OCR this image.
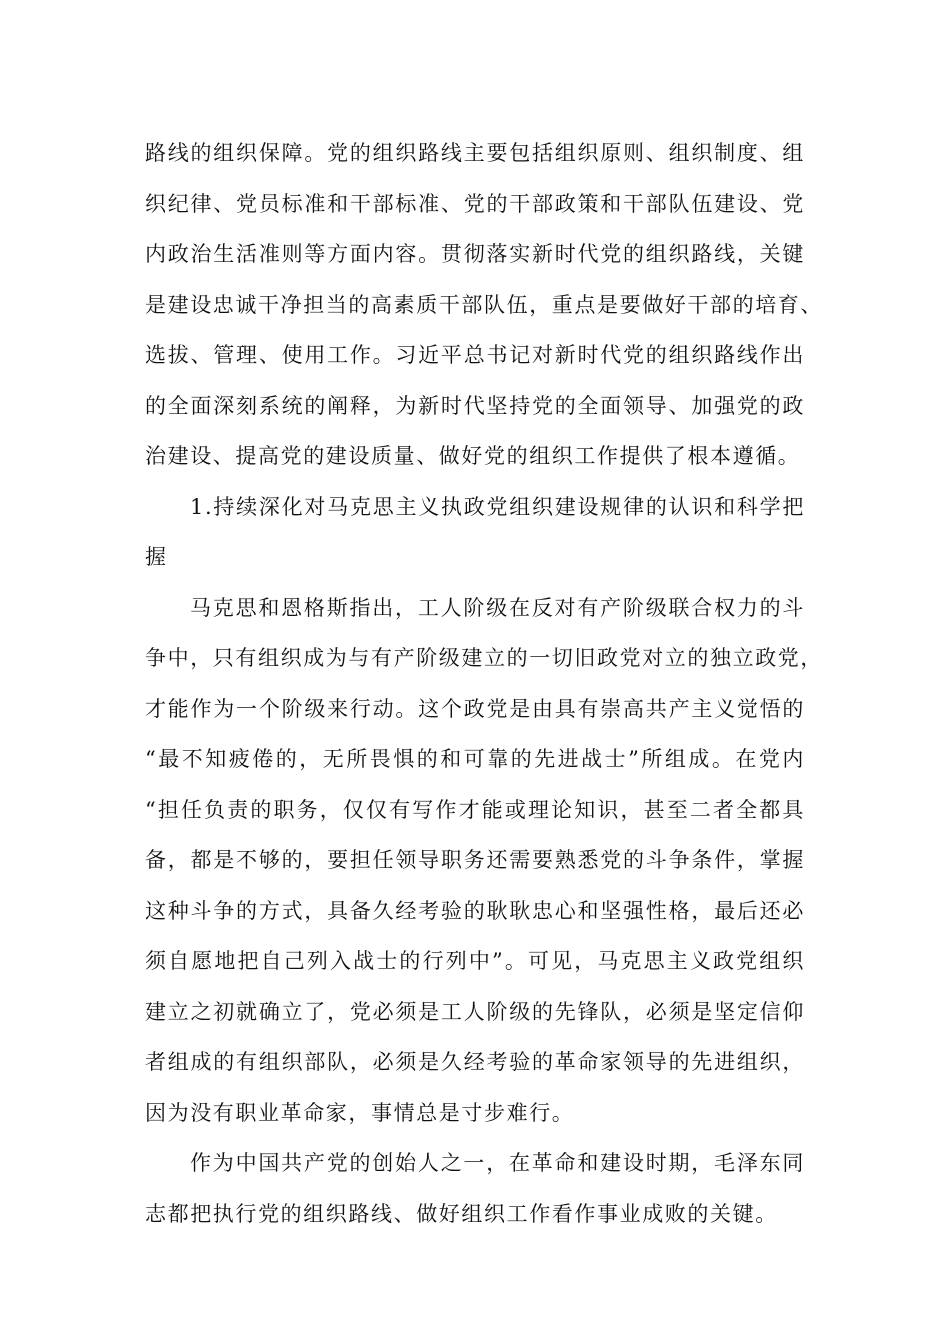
路线的组织保障。党的组织路线主要包括组织原则、组织制度、组
织纪律、党员标准和干部标准、党的干部政策和干部队伍建设、党
内政治生活准则等方面内容。贯彻落实新时代党的组织路线，关键
是建设忠诚干净担当的高素质干部队伍，重点是要做好干部的培育、
选拔、管理、使用工作。习近平总书记对新时代党的组织路线作出
的全面深刻系统的阐释，为新时代坚持党的全面领导、加强党的政
治建设、提高党的建设质量、做好党的组织工作提供了根本遵循。
1.持续深化对马克思主义执政党组织建设规律的认识和科学把
握
马克思和恩格斯指出，工人阶级在反对有产阶级联合权力的斗
争中，只有组织成为与有产阶级建立的一切旧政党对立的独立政党，
才能作为一个阶级来行动。这个政党是由具有崇高共产主义觉悟的
“最不知疲倦的，无所畏惧的和可靠的先进战士”所组成。在党内
“担任负责的职务，仅仅有写作才能或理论知识，甚至二者全都具
备，都是不够的，要担任领导职务还需要熟悉党的斗争条件，掌握
这种斗争的方式，具备久经考验的耿耿忠心和坚强性格，最后还必
须自愿地把自己列入战士的行列中”。可见，马克思主义政党组织
建立之初就确立了，党必须是工人阶级的先锋队，必须是坚定信仰
者组成的有组织部队，必须是久经考验的革命家领导的先进组织，
因为没有职业革命家，事情总是寸步难行。
作为中国共产党的创始人之一，在革命和建设时期，毛泽东同
志都把执行党的组织路线、做好组织工作看作事业成败的关键。
